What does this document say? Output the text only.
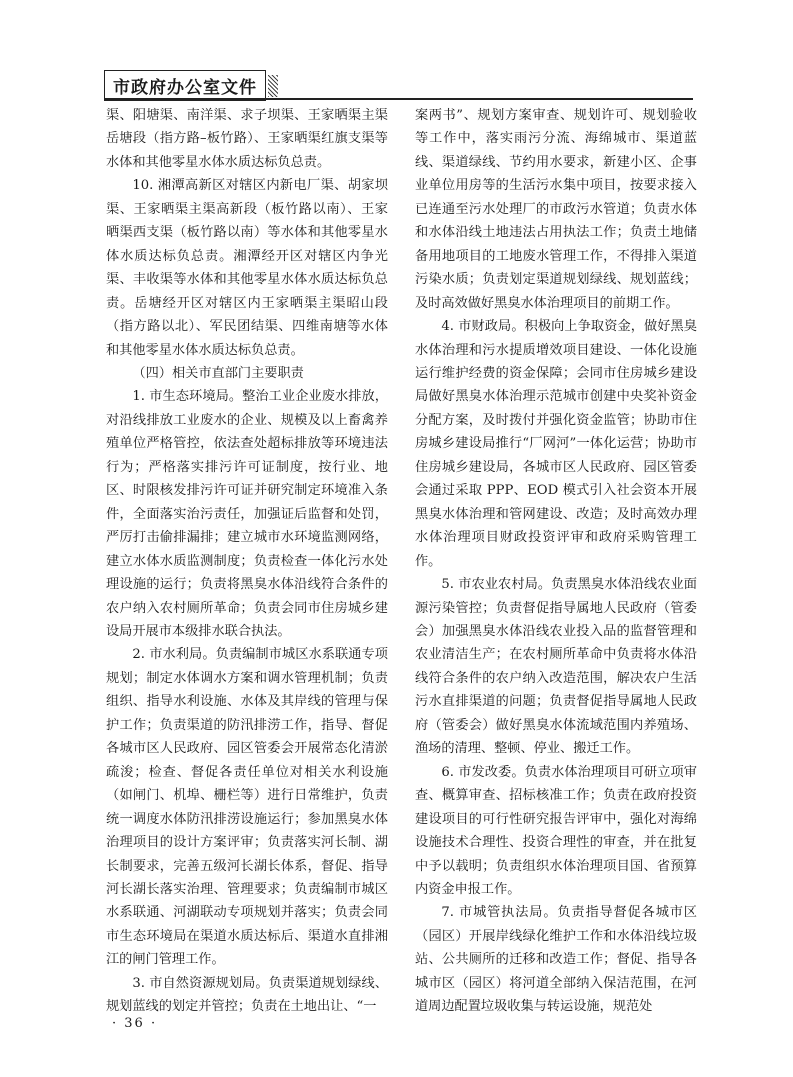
市政府办公室文件

渠、阳塘渠、南洋渠、求子坝渠、王家晒渠主渠岳塘段（指方路–板竹路）、王家晒渠红旗支渠等水体和其他零星水体水质达标负总责。

10. 湘潭高新区对辖区内新电厂渠、胡家坝渠、王家晒渠主渠高新段（板竹路以南）、王家晒渠西支渠（板竹路以南）等水体和其他零星水体水质达标负总责。湘潭经开区对辖区内争光渠、丰收渠等水体和其他零星水体水质达标负总责。岳塘经开区对辖区内王家晒渠主渠昭山段（指方路以北）、军民团结渠、四维南塘等水体和其他零星水体水质达标负总责。

（四）相关市直部门主要职责

1. 市生态环境局。整治工业企业废水排放，对沿线排放工业废水的企业、规模及以上畜禽养殖单位严格管控，依法查处超标排放等环境违法行为；严格落实排污许可证制度，按行业、地区、时限核发排污许可证并研究制定环境准入条件，全面落实治污责任，加强证后监督和处罚，严厉打击偷排漏排；建立城市水环境监测网络，建立水体水质监测制度；负责检查一体化污水处理设施的运行；负责将黑臭水体沿线符合条件的农户纳入农村厕所革命；负责会同市住房城乡建设局开展市本级排水联合执法。

2. 市水利局。负责编制市城区水系联通专项规划；制定水体调水方案和调水管理机制；负责组织、指导水利设施、水体及其岸线的管理与保护工作；负责渠道的防汛排涝工作，指导、督促各城市区人民政府、园区管委会开展常态化清淤疏浚；检查、督促各责任单位对相关水利设施（如闸门、机埠、栅栏等）进行日常维护，负责统一调度水体防汛排涝设施运行；参加黑臭水体治理项目的设计方案评审；负责落实河长制、湖长制要求，完善五级河长湖长体系，督促、指导河长湖长落实治理、管理要求；负责编制市城区水系联通、河湖联动专项规划并落实；负责会同市生态环境局在渠道水质达标后、渠道水直排湘江的闸门管理工作。

3. 市自然资源规划局。负责渠道规划绿线、规划蓝线的划定并管控；负责在土地出让、“一

案两书”、规划方案审查、规划许可、规划验收等工作中，落实雨污分流、海绵城市、渠道蓝线、渠道绿线、节约用水要求，新建小区、企事业单位用房等的生活污水集中项目，按要求接入已连通至污水处理厂的市政污水管道；负责水体和水体沿线土地违法占用执法工作；负责土地储备用地项目的工地废水管理工作，不得排入渠道污染水质；负责划定渠道规划绿线、规划蓝线；及时高效做好黑臭水体治理项目的前期工作。

4. 市财政局。积极向上争取资金，做好黑臭水体治理和污水提质增效项目建设、一体化设施运行维护经费的资金保障；会同市住房城乡建设局做好黑臭水体治理示范城市创建中央奖补资金分配方案，及时拨付并强化资金监管；协助市住房城乡建设局推行“厂网河”一体化运营；协助市住房城乡建设局，各城市区人民政府、园区管委会通过采取 PPP、EOD 模式引入社会资本开展黑臭水体治理和管网建设、改造；及时高效办理水体治理项目财政投资评审和政府采购管理工作。

5. 市农业农村局。负责黑臭水体沿线农业面源污染管控；负责督促指导属地人民政府（管委会）加强黑臭水体沿线农业投入品的监督管理和农业清洁生产；在农村厕所革命中负责将水体沿线符合条件的农户纳入改造范围，解决农户生活污水直排渠道的问题；负责督促指导属地人民政府（管委会）做好黑臭水体流域范围内养殖场、渔场的清理、整顿、停业、搬迁工作。

6. 市发改委。负责水体治理项目可研立项审查、概算审查、招标核准工作；负责在政府投资建设项目的可行性研究报告评审中，强化对海绵设施技术合理性、投资合理性的审查，并在批复中予以载明；负责组织水体治理项目国、省预算内资金申报工作。

7. 市城管执法局。负责指导督促各城市区（园区）开展岸线绿化维护工作和水体沿线垃圾站、公共厕所的迁移和改造工作；督促、指导各城市区（园区）将河道全部纳入保洁范围，在河道周边配置垃圾收集与转运设施，规范处

· 36 ·
